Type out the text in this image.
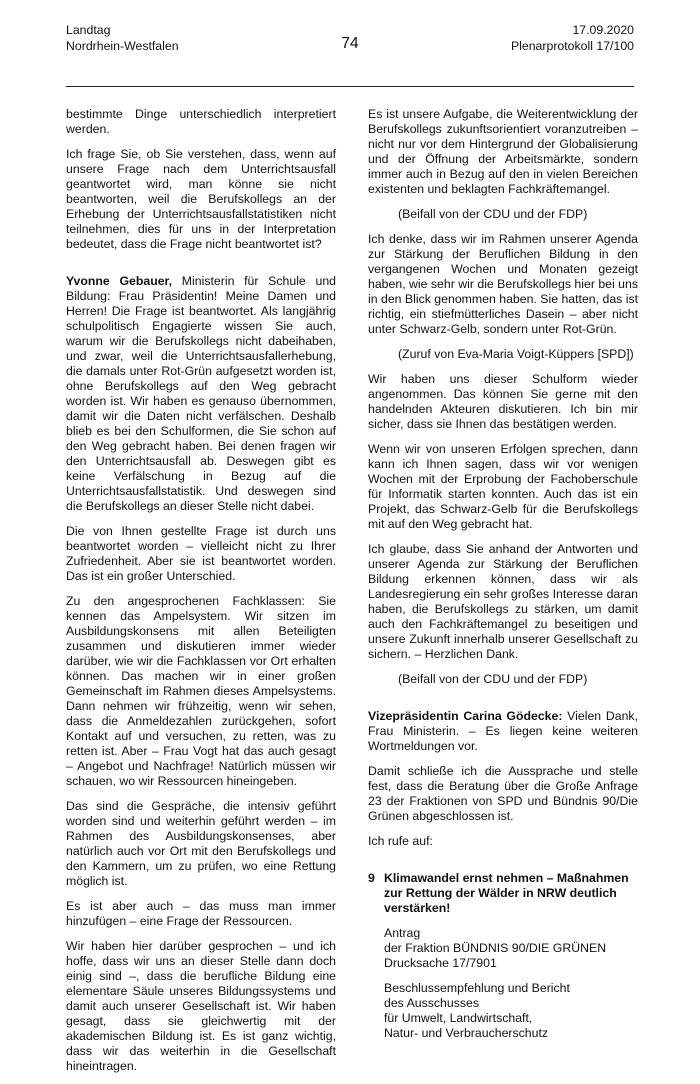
Landtag
Nordrhein-Westfalen	74
17.09.2020
Plenarprotokoll 17/100

bestimmte Dinge unterschiedlich interpretiert werden.

Ich frage Sie, ob Sie verstehen, dass, wenn auf unsere Frage nach dem Unterrichtsausfall geantwortet wird, man könne sie nicht beantworten, weil die Berufskollegs an der Erhebung der Unterrichtsausfallstatistiken nicht teilnehmen, dies für uns in der Interpretation bedeutet, dass die Frage nicht beantwortet ist?

Yvonne Gebauer, Ministerin für Schule und Bildung: Frau Präsidentin! Meine Damen und Herren! Die Frage ist beantwortet. Als langjährig schulpolitisch Engagierte wissen Sie auch, warum wir die Berufskollegs nicht dabeihaben, und zwar, weil die Unterrichtsausfallerhebung, die damals unter Rot-Grün aufgesetzt worden ist, ohne Berufskollegs auf den Weg gebracht worden ist. Wir haben es genauso übernommen, damit wir die Daten nicht verfälschen. Deshalb blieb es bei den Schulformen, die Sie schon auf den Weg gebracht haben. Bei denen fragen wir den Unterrichtsausfall ab. Deswegen gibt es keine Verfälschung in Bezug auf die Unterrichtsausfallstatistik. Und deswegen sind die Berufskollegs an dieser Stelle nicht dabei.

Die von Ihnen gestellte Frage ist durch uns beantwortet worden – vielleicht nicht zu Ihrer Zufriedenheit. Aber sie ist beantwortet worden. Das ist ein großer Unterschied.

Zu den angesprochenen Fachklassen: Sie kennen das Ampelsystem. Wir sitzen im Ausbildungskonsens mit allen Beteiligten zusammen und diskutieren immer wieder darüber, wie wir die Fachklassen vor Ort erhalten können. Das machen wir in einer großen Gemeinschaft im Rahmen dieses Ampelsystems. Dann nehmen wir frühzeitig, wenn wir sehen, dass die Anmeldezahlen zurückgehen, sofort Kontakt auf und versuchen, zu retten, was zu retten ist. Aber – Frau Vogt hat das auch gesagt – Angebot und Nachfrage! Natürlich müssen wir schauen, wo wir Ressourcen hineingeben.

Das sind die Gespräche, die intensiv geführt worden sind und weiterhin geführt werden – im Rahmen des Ausbildungskonsenses, aber natürlich auch vor Ort mit den Berufskollegs und den Kammern, um zu prüfen, wo eine Rettung möglich ist.

Es ist aber auch – das muss man immer hinzufügen – eine Frage der Ressourcen.

Wir haben hier darüber gesprochen – und ich hoffe, dass wir uns an dieser Stelle dann doch einig sind –, dass die berufliche Bildung eine elementare Säule unseres Bildungssystems und damit auch unserer Gesellschaft ist. Wir haben gesagt, dass sie gleichwertig mit der akademischen Bildung ist. Es ist ganz wichtig, dass wir das weiterhin in die Gesellschaft hineintragen.

Es ist unsere Aufgabe, die Weiterentwicklung der Berufskollegs zukunftsorientiert voranzutreiben – nicht nur vor dem Hintergrund der Globalisierung und der Öffnung der Arbeitsmärkte, sondern immer auch in Bezug auf den in vielen Bereichen existenten und beklagten Fachkräftemangel.

(Beifall von der CDU und der FDP)

Ich denke, dass wir im Rahmen unserer Agenda zur Stärkung der Beruflichen Bildung in den vergangenen Wochen und Monaten gezeigt haben, wie sehr wir die Berufskollegs hier bei uns in den Blick genommen haben. Sie hatten, das ist richtig, ein stiefmütterliches Dasein – aber nicht unter Schwarz-Gelb, sondern unter Rot-Grün.

(Zuruf von Eva-Maria Voigt-Küppers [SPD])

Wir haben uns dieser Schulform wieder angenommen. Das können Sie gerne mit den handelnden Akteuren diskutieren. Ich bin mir sicher, dass sie Ihnen das bestätigen werden.

Wenn wir von unseren Erfolgen sprechen, dann kann ich Ihnen sagen, dass wir vor wenigen Wochen mit der Erprobung der Fachoberschule für Informatik starten konnten. Auch das ist ein Projekt, das Schwarz-Gelb für die Berufskollegs mit auf den Weg gebracht hat.

Ich glaube, dass Sie anhand der Antworten und unserer Agenda zur Stärkung der Beruflichen Bildung erkennen können, dass wir als Landesregierung ein sehr großes Interesse daran haben, die Berufskollegs zu stärken, um damit auch den Fachkräftemangel zu beseitigen und unsere Zukunft innerhalb unserer Gesellschaft zu sichern. – Herzlichen Dank.

(Beifall von der CDU und der FDP)

Vizepräsidentin Carina Gödecke: Vielen Dank, Frau Ministerin. – Es liegen keine weiteren Wortmeldungen vor.

Damit schließe ich die Aussprache und stelle fest, dass die Beratung über die Große Anfrage 23 der Fraktionen von SPD und Bündnis 90/Die Grünen abgeschlossen ist.

Ich rufe auf:

9 Klimawandel ernst nehmen – Maßnahmen zur Rettung der Wälder in NRW deutlich verstärken!
Antrag
der Fraktion BÜNDNIS 90/DIE GRÜNEN
Drucksache 17/7901
Beschlussempfehlung und Bericht
des Ausschusses
für Umwelt, Landwirtschaft,
Natur- und Verbraucherschutz
